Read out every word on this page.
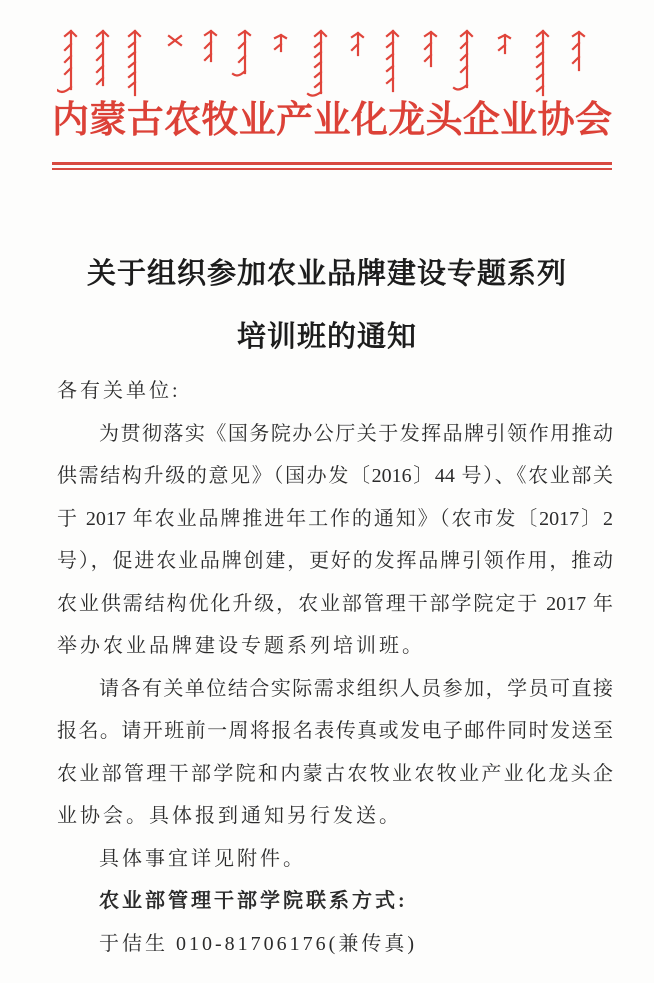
内蒙古农牧业产业化龙头企业协会
关于组织参加农业品牌建设专题系列
培训班的通知
各有关单位:
为贯彻落实《国务院办公厅关于发挥品牌引领作用推动
供需结构升级的意见》（国办发〔2016〕44 号）、《农业部关
于 2017 年农业品牌推进年工作的通知》（农市发〔2017〕2
号），促进农业品牌创建，更好的发挥品牌引领作用，推动
农业供需结构优化升级，农业部管理干部学院定于 2017 年
举办农业品牌建设专题系列培训班。
请各有关单位结合实际需求组织人员参加，学员可直接
报名。请开班前一周将报名表传真或发电子邮件同时发送至
农业部管理干部学院和内蒙古农牧业农牧业产业化龙头企
业协会。具体报到通知另行发送。
具体事宜详见附件。
农业部管理干部学院联系方式:
于佶生 010-81706176(兼传真)
